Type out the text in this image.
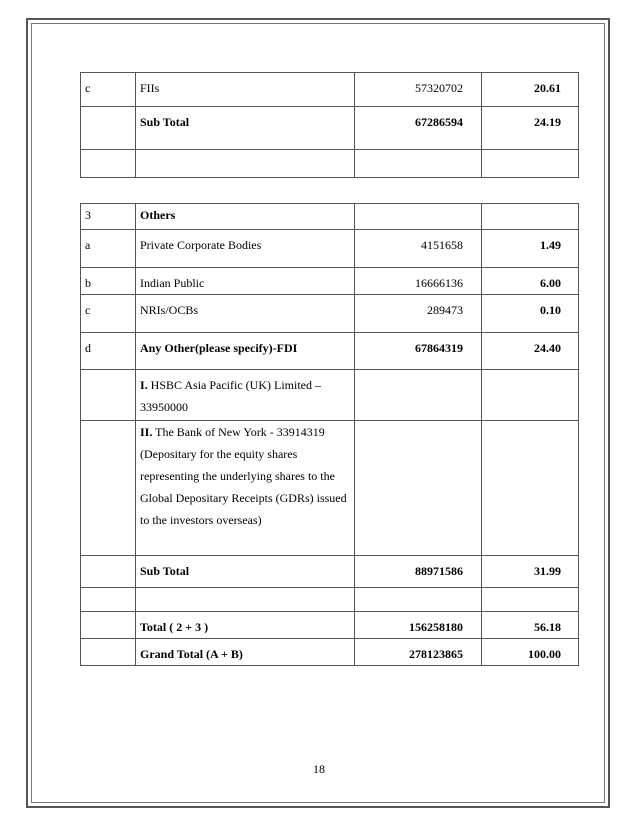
c	FIIs	57320702	20.61
	Sub Total	67286594	24.19

3	Others		
a	Private Corporate Bodies	4151658	1.49
b	Indian Public	16666136	6.00
c	NRIs/OCBs	289473	0.10
d	Any Other(please specify)-FDI	67864319	24.40
	I. HSBC Asia Pacific (UK) Limited – 33950000		
	II. The Bank of New York - 33914319 (Depositary for the equity shares representing the underlying shares to the Global Depositary Receipts (GDRs) issued to the investors overseas)		
	Sub Total	88971586	31.99

	Total ( 2 + 3 )	156258180	56.18
	Grand Total (A + B)	278123865	100.00
18
